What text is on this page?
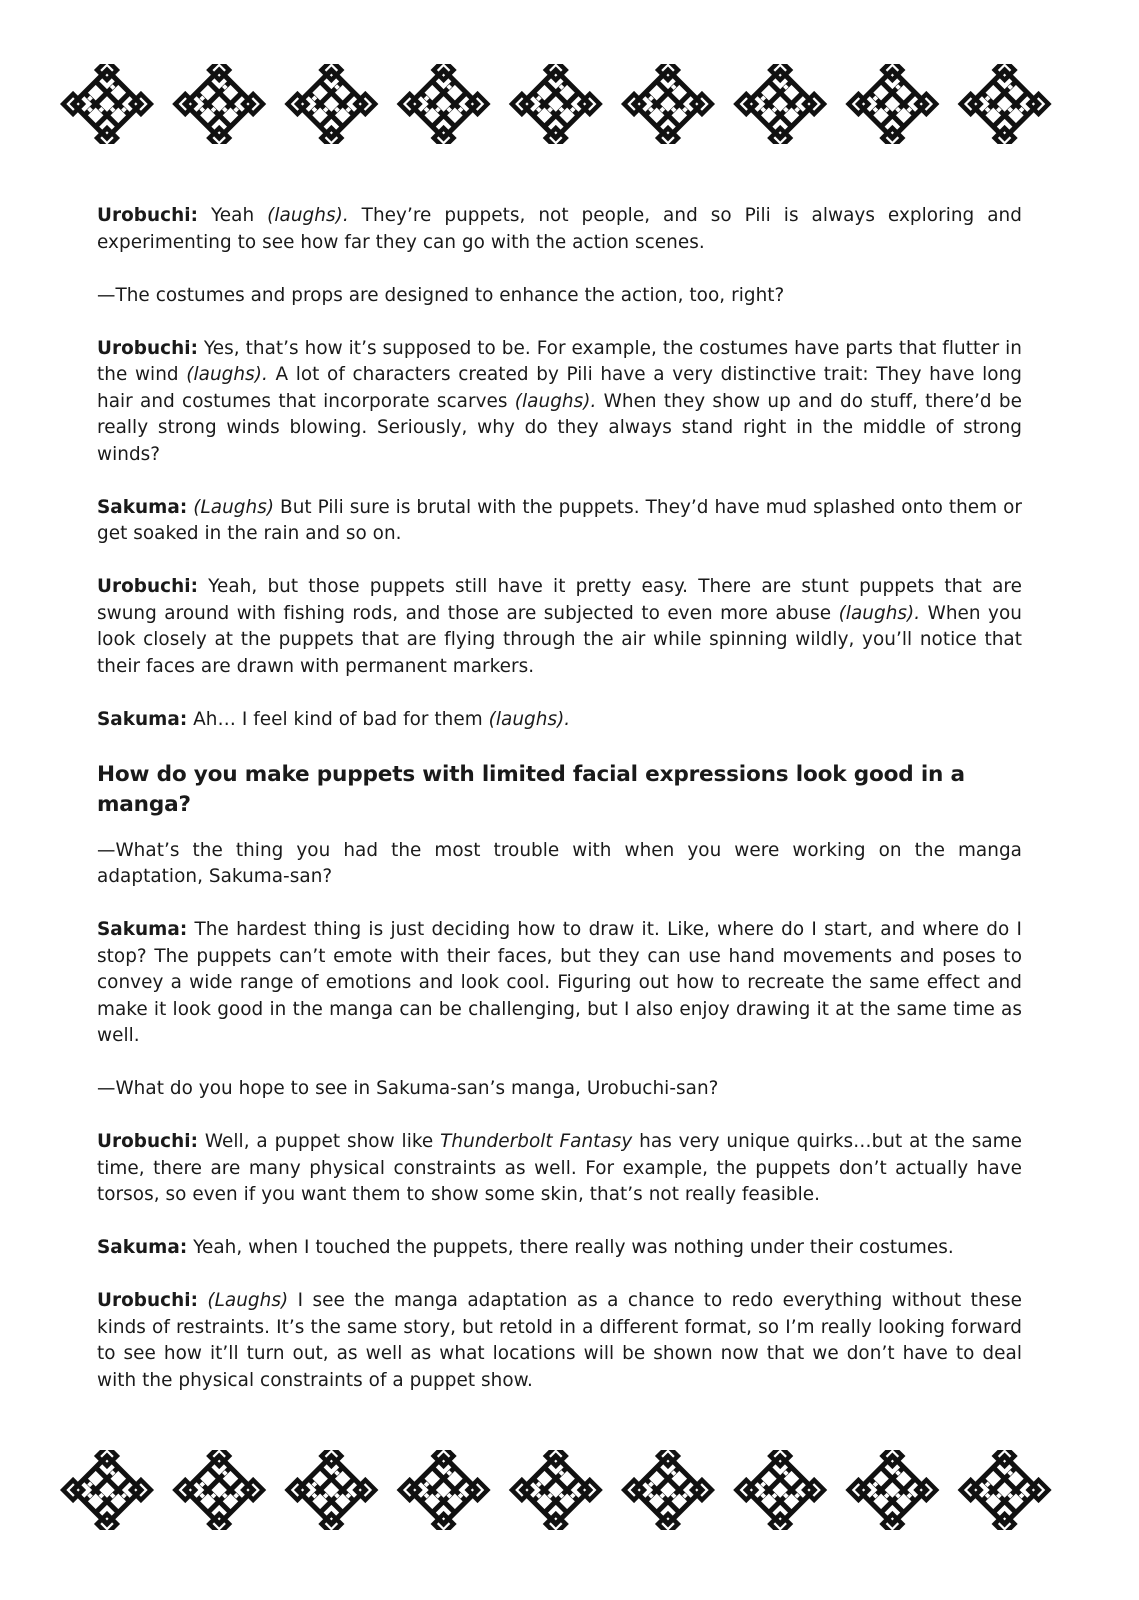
Urobuchi: Yeah (laughs). They’re puppets, not people, and so Pili is always exploring and experimenting to see how far they can go with the action scenes.

—The costumes and props are designed to enhance the action, too, right?

Urobuchi: Yes, that’s how it’s supposed to be. For example, the costumes have parts that flutter in the wind (laughs). A lot of characters created by Pili have a very distinctive trait: They have long hair and costumes that incorporate scarves (laughs). When they show up and do stuff, there’d be really strong winds blowing. Seriously, why do they always stand right in the middle of strong winds?

Sakuma: (Laughs) But Pili sure is brutal with the puppets. They’d have mud splashed onto them or get soaked in the rain and so on.

Urobuchi: Yeah, but those puppets still have it pretty easy. There are stunt puppets that are swung around with fishing rods, and those are subjected to even more abuse (laughs). When you look closely at the puppets that are flying through the air while spinning wildly, you’ll notice that their faces are drawn with permanent markers.

Sakuma: Ah… I feel kind of bad for them (laughs).

How do you make puppets with limited facial expressions look good in a manga?

—What’s the thing you had the most trouble with when you were working on the manga adaptation, Sakuma-san?

Sakuma: The hardest thing is just deciding how to draw it. Like, where do I start, and where do I stop? The puppets can’t emote with their faces, but they can use hand movements and poses to convey a wide range of emotions and look cool. Figuring out how to recreate the same effect and make it look good in the manga can be challenging, but I also enjoy drawing it at the same time as well.

—What do you hope to see in Sakuma-san’s manga, Urobuchi-san?

Urobuchi: Well, a puppet show like Thunderbolt Fantasy has very unique quirks…but at the same time, there are many physical constraints as well. For example, the puppets don’t actually have torsos, so even if you want them to show some skin, that’s not really feasible.

Sakuma: Yeah, when I touched the puppets, there really was nothing under their costumes.

Urobuchi: (Laughs) I see the manga adaptation as a chance to redo everything without these kinds of restraints. It’s the same story, but retold in a different format, so I’m really looking forward to see how it’ll turn out, as well as what locations will be shown now that we don’t have to deal with the physical constraints of a puppet show.
